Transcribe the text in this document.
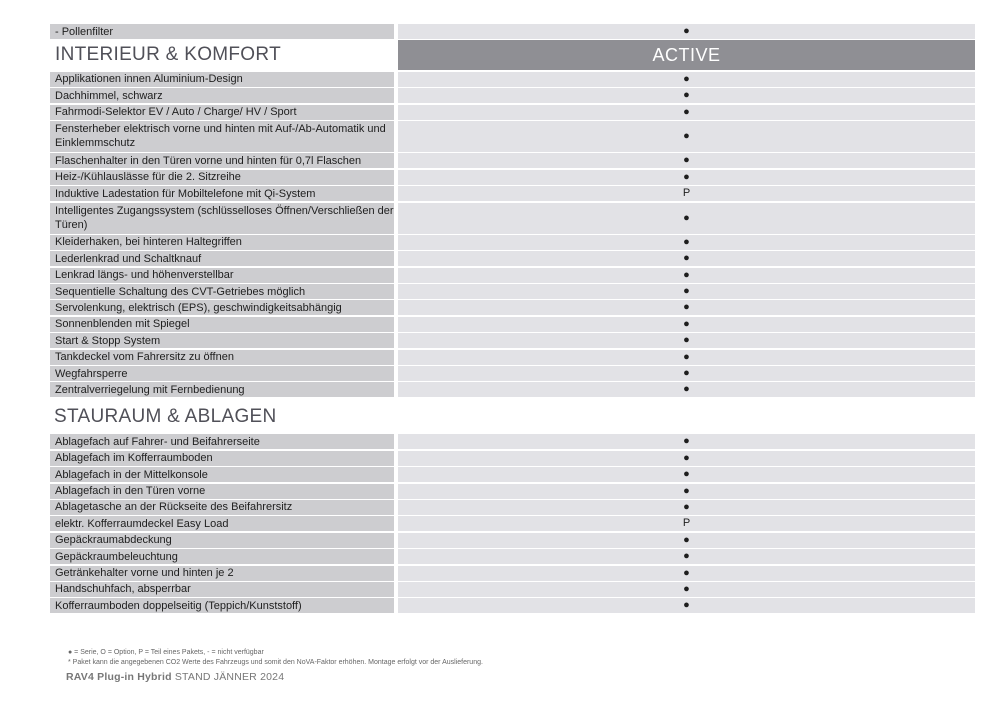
- Pollenfilter	●
INTERIEUR & KOMFORT	ACTIVE
Applikationen innen Aluminium-Design	●
Dachhimmel, schwarz	●
Fahrmodi-Selektor EV / Auto / Charge/ HV / Sport	●
Fensterheber elektrisch vorne und hinten mit Auf-/Ab-Automatik und Einklemmschutz
●
Flaschenhalter in den Türen vorne und hinten für 0,7l Flaschen	●
Heiz-/Kühlauslässe für die 2. Sitzreihe	●
Induktive Ladestation für Mobiltelefone mit Qi-System	P
Intelligentes Zugangssystem (schlüsselloses Öffnen/Verschließen der Türen)
●
Kleiderhaken, bei hinteren Haltegriffen	●
Lederlenkrad und Schaltknauf	●
Lenkrad längs- und höhenverstellbar	●
Sequentielle Schaltung des CVT-Getriebes möglich	●
Servolenkung, elektrisch (EPS), geschwindigkeitsabhängig	●
Sonnenblenden mit Spiegel	●
Start & Stopp System	●
Tankdeckel vom Fahrersitz zu öffnen	●
Wegfahrsperre	●
Zentralverriegelung mit Fernbedienung	●
STAURAUM & ABLAGEN
Ablagefach auf Fahrer- und Beifahrerseite	●
Ablagefach im Kofferraumboden	●
Ablagefach in der Mittelkonsole	●
Ablagefach in den Türen vorne	●
Ablagetasche an der Rückseite des Beifahrersitz	●
elektr. Kofferraumdeckel Easy Load	P
Gepäckraumabdeckung	●
Gepäckraumbeleuchtung	●
Getränkehalter vorne und hinten je 2	●
Handschuhfach, absperrbar	●
Kofferraumboden doppelseitig (Teppich/Kunststoff)	●
● = Serie, O = Option, P = Teil eines Pakets, - = nicht verfügbar
* Paket kann die angegebenen CO2 Werte des Fahrzeugs und somit den NoVA-Faktor erhöhen. Montage erfolgt vor der Auslieferung.
RAV4 Plug-in Hybrid STAND JÄNNER 2024
